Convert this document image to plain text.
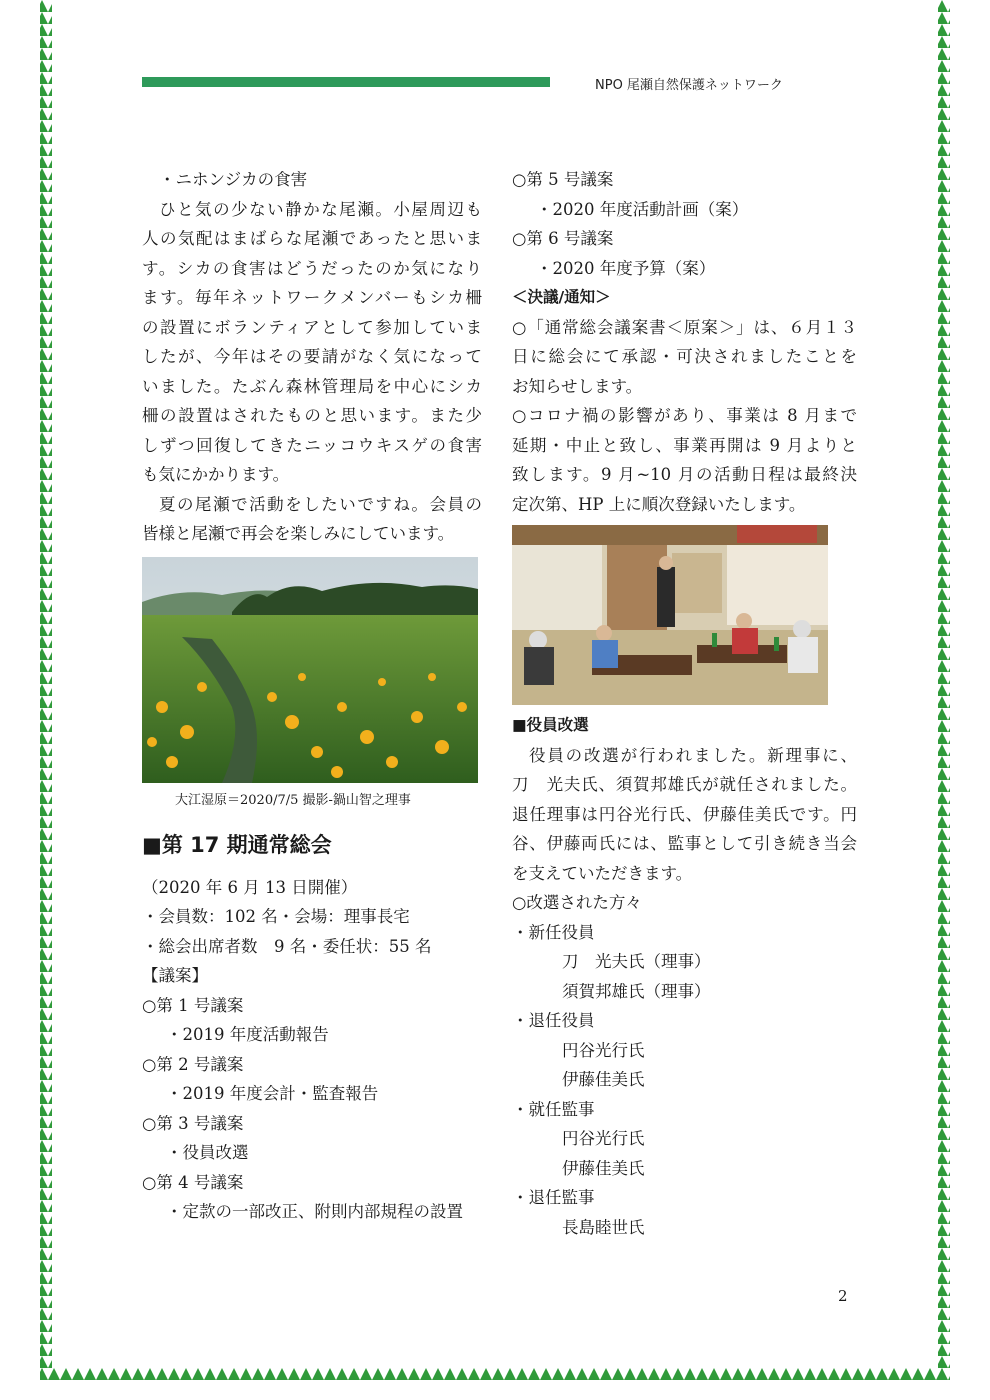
NPO 尾瀬自然保護ネットワーク
・ニホンジカの食害
ひと気の少ない静かな尾瀬。小屋周辺も
人の気配はまばらな尾瀬であったと思いま
す。シカの食害はどうだったのか気になり
ます。毎年ネットワークメンバーもシカ柵
の設置にボランティアとして参加していま
したが、今年はその要請がなく気になって
いました。たぶん森林管理局を中心にシカ
柵の設置はされたものと思います。また少
しずつ回復してきたニッコウキスゲの食害
も気にかかります。
夏の尾瀬で活動をしたいですね。会員の
皆様と尾瀬で再会を楽しみにしています。
大江湿原＝2020/7/5 撮影-鍋山智之理事
■第 17 期通常総会
（2020 年 6 月 13 日開催）
・会員数：102 名・会場：理事長宅
・総会出席者数　9 名・委任状：55 名
【議案】
○第 1 号議案
・2019 年度活動報告
○第 2 号議案
・2019 年度会計・監査報告
○第 3 号議案
・役員改選
○第 4 号議案
・定款の一部改正、附則内部規程の設置
○第 5 号議案
・2020 年度活動計画（案）
○第 6 号議案
・2020 年度予算（案）
＜決議/通知＞
○「通常総会議案書＜原案＞」は、６月１３
日に総会にて承認・可決されましたことを
お知らせします。
○コロナ禍の影響があり、事業は 8 月まで
延期・中止と致し、事業再開は 9 月よりと
致します。9 月~10 月の活動日程は最終決
定次第、HP 上に順次登録いたします。
■役員改選
役員の改選が行われました。新理事に、
刀　光夫氏、須賀邦雄氏が就任されました。
退任理事は円谷光行氏、伊藤佳美氏です。円
谷、伊藤両氏には、監事として引き続き当会
を支えていただきます。
○改選された方々
・新任役員
刀　光夫氏（理事）
須賀邦雄氏（理事）
・退任役員
円谷光行氏
伊藤佳美氏
・就任監事
円谷光行氏
伊藤佳美氏
・退任監事
長島睦世氏
2
